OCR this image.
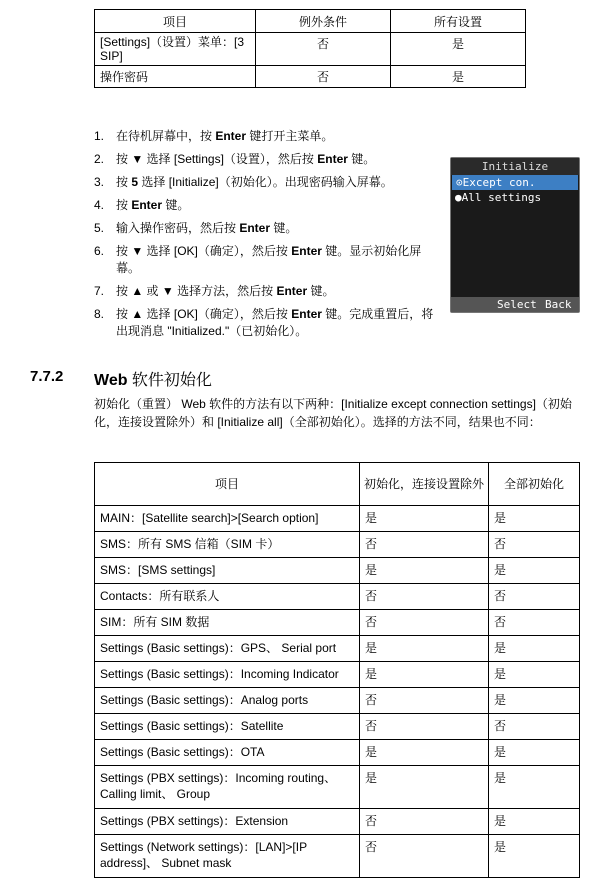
项目	例外条件	所有设置
[Settings]（设置）菜单：[3 SIP]	否	是
操作密码	否	是
1. 在待机屏幕中，按 Enter 键打开主菜单。
2. 按 ▼ 选择 [Settings]（设置），然后按 Enter 键。
3. 按 5 选择 [Initialize]（初始化）。出现密码输入屏幕。
4. 按 Enter 键。
5. 输入操作密码，然后按 Enter 键。
6. 按 ▼ 选择 [OK]（确定），然后按 Enter 键。显示初始化屏幕。
7. 按 ▲ 或 ▼ 选择方法，然后按 Enter 键。
8. 按 ▲ 选择 [OK]（确定），然后按 Enter 键。完成重置后，将出现消息 "Initialized."（已初始化）。
Initialize
⊙Except con.
●All settings
Select Back
7.7.2 Web 软件初始化

初始化（重置） Web 软件的方法有以下两种：[Initialize except connection settings]（初始化，连接设置除外）和 [Initialize all]（全部初始化）。选择的方法不同，结果也不同：

项目	初始化，连接设置除外	全部初始化
MAIN：[Satellite search]>[Search option]	是	是
SMS：所有 SMS 信箱（SIM 卡）	否	否
SMS：[SMS settings]	是	是
Contacts：所有联系人	否	否
SIM：所有 SIM 数据	否	否
Settings (Basic settings)：GPS、 Serial port	是	是
Settings (Basic settings)：Incoming Indicator	是	是
Settings (Basic settings)：Analog ports	否	是
Settings (Basic settings)：Satellite	否	否
Settings (Basic settings)：OTA	是	是
Settings (PBX settings)：Incoming routing、Calling limit、 Group	是	是
Settings (PBX settings)：Extension	否	是
Settings (Network settings)：[LAN]>[IP address]、 Subnet mask	否	是
